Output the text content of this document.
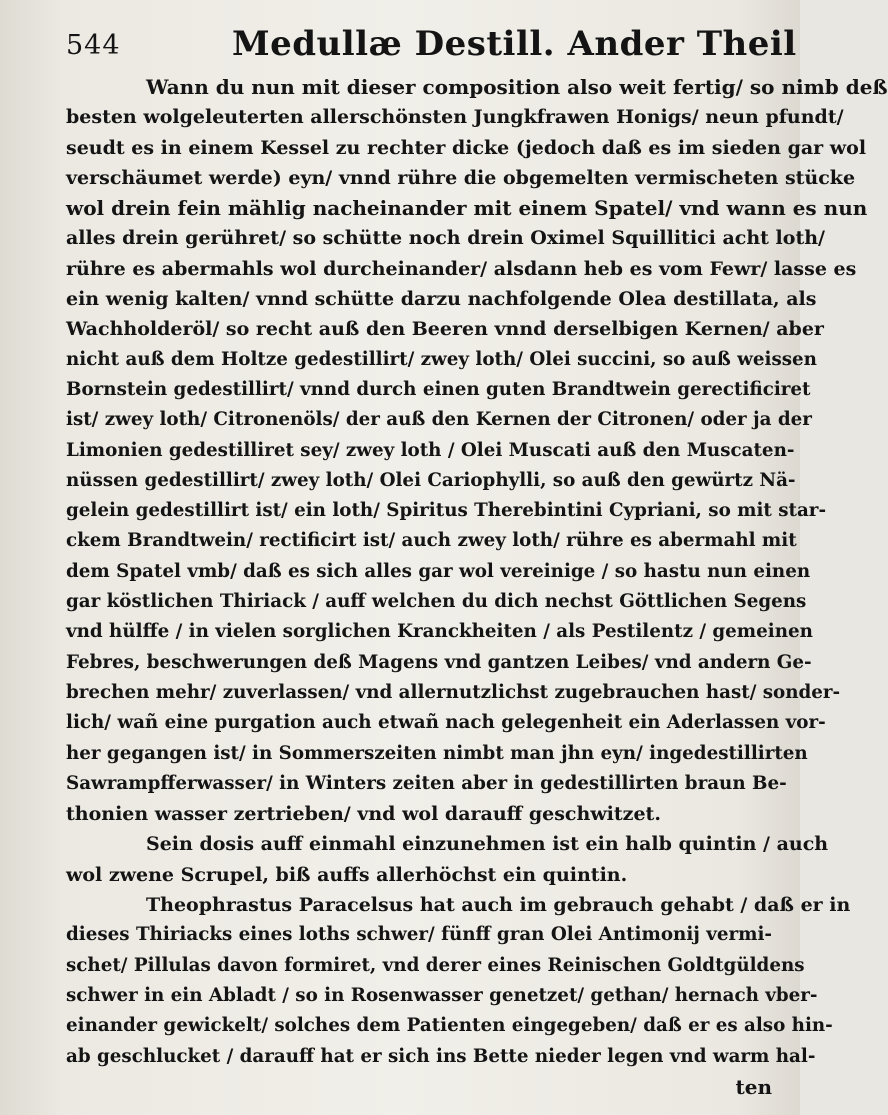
544	Medullæ Destill. Ander Theil
Wann du nun mit dieser composition also weit fertig/ so nimb deß
besten wolgeleuterten allerschönsten Jungkfrawen Honigs/ neun pfundt/
seudt es in einem Kessel zu rechter dicke (jedoch daß es im sieden gar wol
verschäumet werde) eyn/ vnnd rühre die obgemelten vermischeten stücke
wol drein fein mählig nacheinander mit einem Spatel/ vnd wann es nun
alles drein gerühret/ so schütte noch drein Oximel Squillitici acht loth/
rühre es abermahls wol durcheinander/ alsdann heb es vom Fewr/ lasse es
ein wenig kalten/ vnnd schütte darzu nachfolgende Olea destillata, als
Wachholderöl/ so recht auß den Beeren vnnd derselbigen Kernen/ aber
nicht auß dem Holtze gedestillirt/ zwey loth/ Olei succini, so auß weissen
Bornstein gedestillirt/ vnnd durch einen guten Brandtwein gerectificiret
ist/ zwey loth/ Citronenöls/ der auß den Kernen der Citronen/ oder ja der
Limonien gedestilliret sey/ zwey loth / Olei Muscati auß den Muscaten-
nüssen gedestillirt/ zwey loth/ Olei Cariophylli, so auß den gewürtz Nä-
gelein gedestillirt ist/ ein loth/ Spiritus Therebintini Cypriani, so mit star-
ckem Brandtwein/ rectificirt ist/ auch zwey loth/ rühre es abermahl mit
dem Spatel vmb/ daß es sich alles gar wol vereinige / so hastu nun einen
gar köstlichen Thiriack / auff welchen du dich nechst Göttlichen Segens
vnd hülffe / in vielen sorglichen Kranckheiten / als Pestilentz / gemeinen
Febres, beschwerungen deß Magens vnd gantzen Leibes/ vnd andern Ge-
brechen mehr/ zuverlassen/ vnd allernutzlichst zugebrauchen hast/ sonder-
lich/ wañ eine purgation auch etwañ nach gelegenheit ein Aderlassen vor-
her gegangen ist/ in Sommerszeiten nimbt man jhn eyn/ ingedestillirten
Sawrampfferwasser/ in Winters zeiten aber in gedestillirten braun Be-
thonien wasser zertrieben/ vnd wol darauff geschwitzet.
Sein dosis auff einmahl einzunehmen ist ein halb quintin / auch
wol zwene Scrupel, biß auffs allerhöchst ein quintin.
Theophrastus Paracelsus hat auch im gebrauch gehabt / daß er in
dieses Thiriacks eines loths schwer/ fünff gran Olei Antimonij vermi-
schet/ Pillulas davon formiret, vnd derer eines Reinischen Goldtgüldens
schwer in ein Abladt / so in Rosenwasser genetzet/ gethan/ hernach vber-
einander gewickelt/ solches dem Patienten eingegeben/ daß er es also hin-
ab geschlucket / darauff hat er sich ins Bette nieder legen vnd warm hal-
ten
